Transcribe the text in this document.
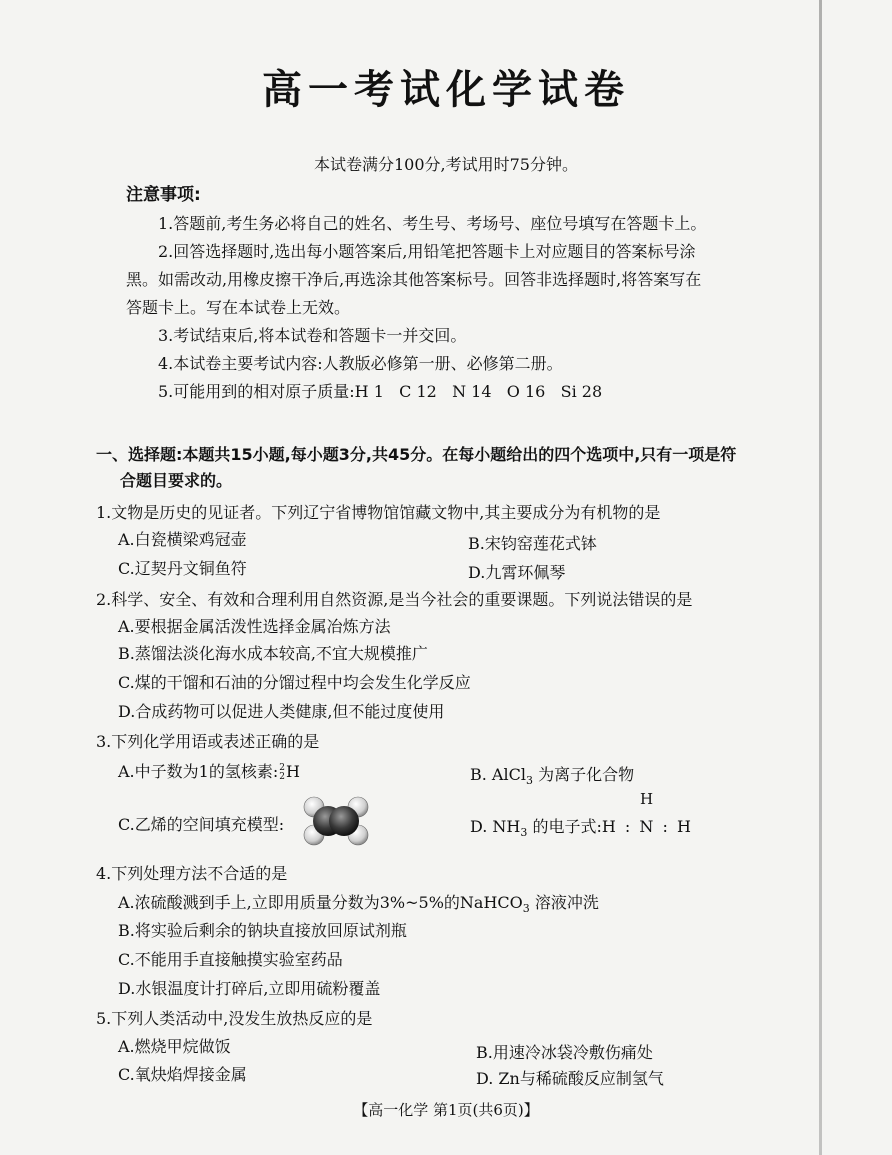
高一考试化学试卷
本试卷满分100分,考试用时75分钟。
注意事项:

1.答题前,考生务必将自己的姓名、考生号、考场号、座位号填写在答题卡上。

2.回答选择题时,选出每小题答案后,用铅笔把答题卡上对应题目的答案标号涂

黑。如需改动,用橡皮擦干净后,再选涂其他答案标号。回答非选择题时,将答案写在

答题卡上。写在本试卷上无效。

3.考试结束后,将本试卷和答题卡一并交回。

4.本试卷主要考试内容:人教版必修第一册、必修第二册。

5.可能用到的相对原子质量:H 1   C 12   N 14   O 16   Si 28

一、选择题:本题共15小题,每小题3分,共45分。在每小题给出的四个选项中,只有一项是符
合题目要求的。
1.文物是历史的见证者。下列辽宁省博物馆馆藏文物中,其主要成分为有机物的是
A.白瓷横梁鸡冠壶	B.宋钧窑莲花式钵
C.辽契丹文铜鱼符	D.九霄环佩琴
2.科学、安全、有效和合理利用自然资源,是当今社会的重要课题。下列说法错误的是
A.要根据金属活泼性选择金属冶炼方法
B.蒸馏法淡化海水成本较高,不宜大规模推广
C.煤的干馏和石油的分馏过程中均会发生化学反应
D.合成药物可以促进人类健康,但不能过度使用
3.下列化学用语或表述正确的是
A.中子数为1的氢核素: 2
2 H	B. AlCl$_3$ 为离子化合物
C.乙烯的空间填充模型:	D. $NH_3$ 的电子式:H : N : H
H
4.下列处理方法不合适的是
A.浓硫酸溅到手上,立即用质量分数为3%~5%的NaHCO$_3$ 溶液冲洗
B.将实验后剩余的钠块直接放回原试剂瓶
C.不能用手直接触摸实验室药品
D.水银温度计打碎后,立即用硫粉覆盖
5.下列人类活动中,没发生放热反应的是
A.燃烧甲烷做饭	B.用速冷冰袋冷敷伤痛处
C.氧炔焰焊接金属	D. Zn与稀硫酸反应制氢气
【高一化学 第1页(共6页)】
